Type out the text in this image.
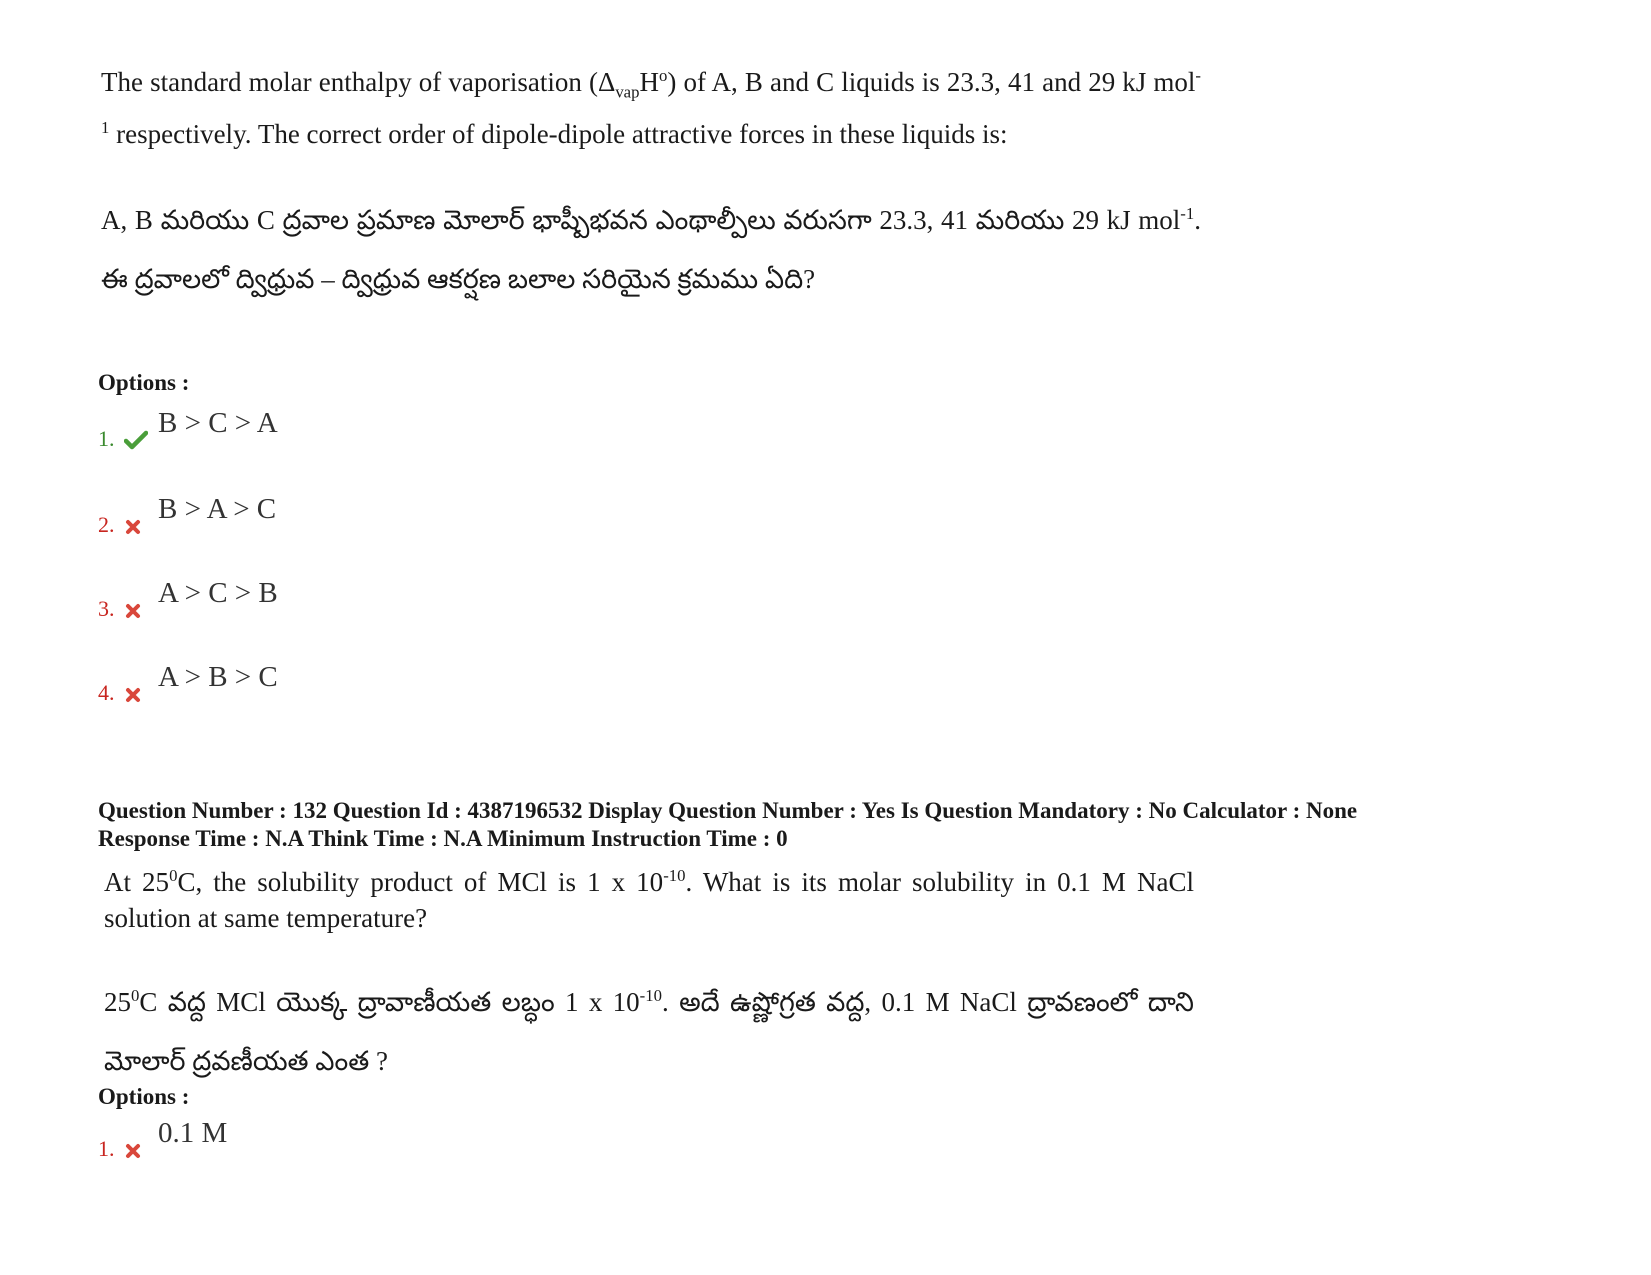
The standard molar enthalpy of vaporisation $(\Delta_{vap}H^o)$ of A, B and C liquids is 23.3, 41 and 29 kJ mol$^{-1}$ respectively. The correct order of dipole-dipole attractive forces in these liquids is:
A, B మరియు C ద్రవాల ప్రమాణ మోలార్ భాష్పీభవన ఎంథాల్పీలు వరుసగా 23.3, 41 మరియు 29 kJ mol$^{-1}$. ఈ ద్రవాలలో ద్విధ్రువ – ద్విధ్రువ ఆకర్షణ బలాల సరియైన క్రమము ఏది?
Options :
1.	B > C > A
2.	B > A > C
3.	A > C > B
4.	A > B > C
Question Number : 132 Question Id : 4387196532 Display Question Number : Yes Is Question Mandatory : No Calculator : None
Response Time : N.A Think Time : N.A Minimum Instruction Time : 0
At $25^0C$, the solubility product of MCl is 1 x $10^{-10}$. What is its molar solubility in 0.1 M NaCl solution at same temperature?
$25^0C$ వద్ద MCl యొక్క ద్రావాణీయత లబ్ధం 1 x $10^{-10}$. అదే ఉష్ణోగ్రత వద్ద, 0.1 M NaCl ద్రావణంలో దాని మోలార్ ద్రవణీయత ఎంత ?
Options :
1.	0.1 M
